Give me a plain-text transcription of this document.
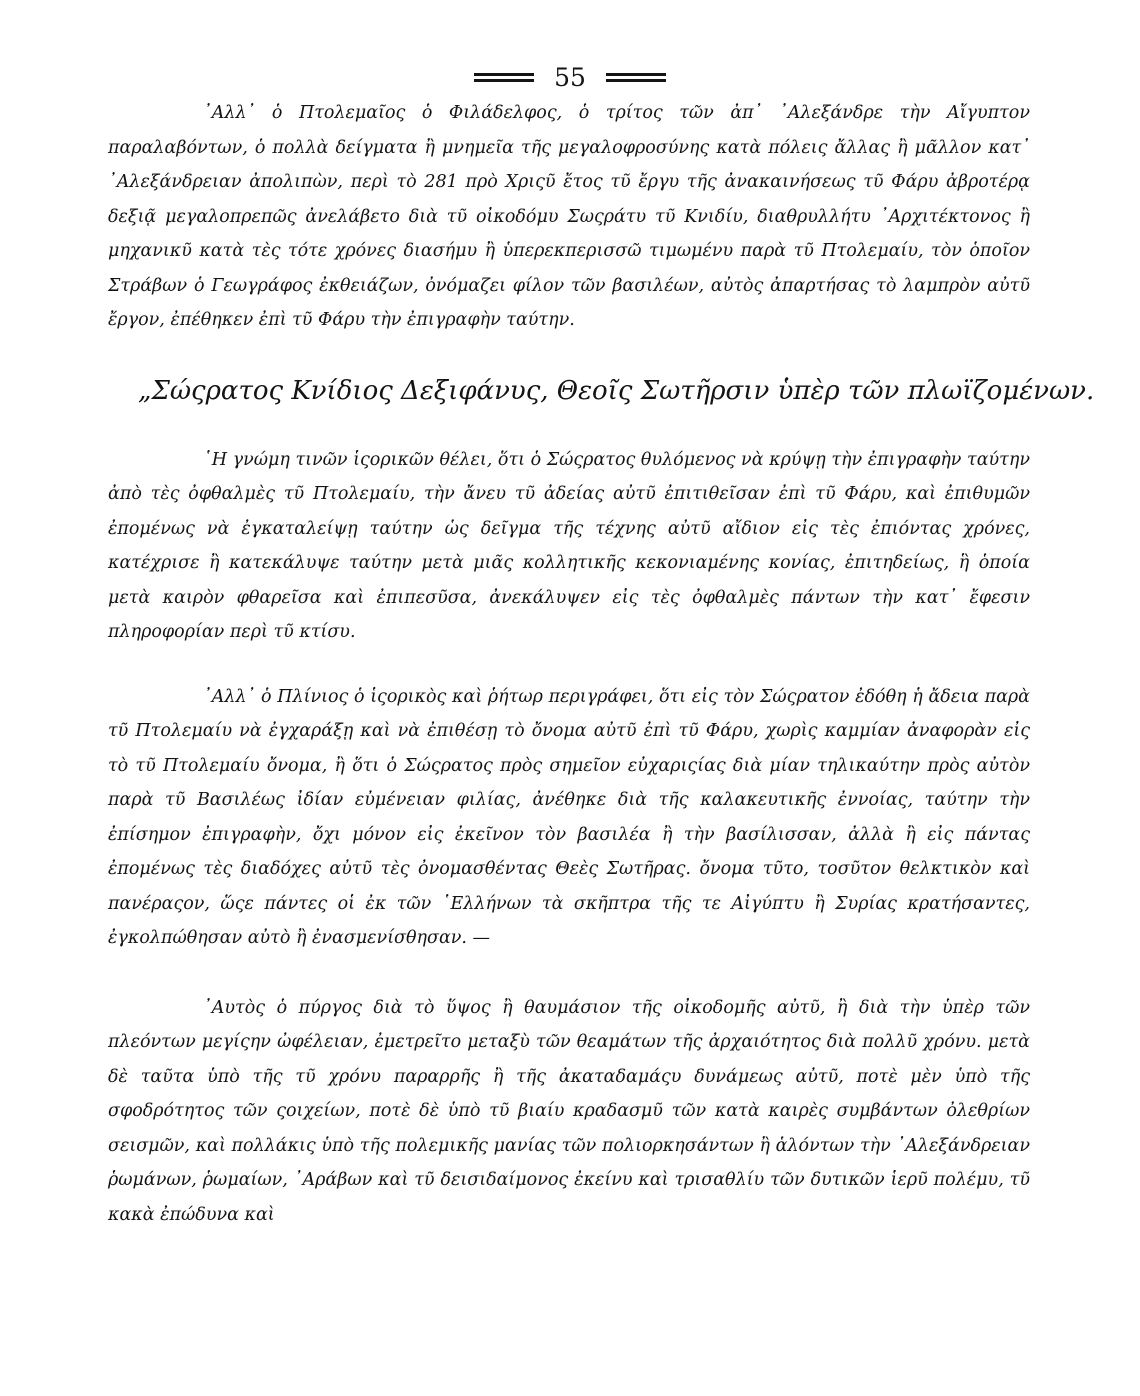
55

᾽Αλλ᾽ ὁ Πτολεμαῖος ὁ Φιλάδελφος, ὁ τρίτος τῶν ἀπ᾽ ᾽Αλεξάνδρε τὴν Αἴγυπτον παραλαβόντων, ὁ πολλὰ δείγματα ἢ μνημεῖα τῆς μεγαλοφροσύνης κατὰ πόλεις ἄλλας ἢ μᾶλλον κατ᾽ ᾽Αλεξάνδρειαν ἀπολιπὼν, περὶ τὸ 281 πρὸ Χριςῦ ἔτος τῦ ἔργυ τῆς ἀνακαινήσεως τῦ Φάρυ ἀβροτέρᾳ δεξιᾷ μεγαλοπρεπῶς ἀνελάβετο διὰ τῦ οἰκοδόμυ Σωςράτυ τῦ Κνιδίυ, διαθρυλλήτυ ᾽Αρχιτέκτονος ἢ μηχανικῦ κατὰ τὲς τότε χρόνες διασήμυ ἢ ὑπερεκπερισσῶ τιμωμένυ παρὰ τῦ Πτολεμαίυ, τὸν ὁποῖον Στράβων ὁ Γεωγράφος ἐκθειάζων, ὀνόμαζει φίλον τῶν βασιλέων, αὐτὸς ἀπαρτήσας τὸ λαμπρὸν αὐτῦ ἔργον, ἐπέθηκεν ἐπὶ τῦ Φάρυ τὴν ἐπιγραφὴν ταύτην.

„Σώςρατος Κνίδιος Δεξιφάνυς, Θεοῖς Σωτῆρσιν ὑπὲρ τῶν πλωϊζομένων.

῾Η γνώμη τινῶν ἱςορικῶν θέλει, ὅτι ὁ Σώςρατος θυλόμενος νὰ κρύψῃ τὴν ἐπιγραφὴν ταύτην ἀπὸ τὲς ὀφθαλμὲς τῦ Πτολεμαίυ, τὴν ἄνευ τῦ ἀδείας αὐτῦ ἐπιτιθεῖσαν ἐπὶ τῦ Φάρυ, καὶ ἐπιθυμῶν ἐπομένως νὰ ἐγκαταλείψῃ ταύτην ὡς δεῖγμα τῆς τέχνης αὐτῦ αἴδιον εἰς τὲς ἐπιόντας χρόνες, κατέχρισε ἢ κατεκάλυψε ταύτην μετὰ μιᾶς κολλητικῆς κεκονιαμένης κονίας, ἐπιτηδείως, ἣ ὁποία μετὰ καιρὸν φθαρεῖσα καὶ ἐπιπεσῦσα, ἀνεκάλυψεν εἰς τὲς ὀφθαλμὲς πάντων τὴν κατ᾽ ἔφεσιν πληροφορίαν περὶ τῦ κτίσυ.

᾽Αλλ᾽ ὁ Πλίνιος ὁ ἱςορικὸς καὶ ῥήτωρ περιγράφει, ὅτι εἰς τὸν Σώςρατον ἐδόθη ἡ ἄδεια παρὰ τῦ Πτολεμαίυ νὰ ἐγχαράξῃ καὶ νὰ ἐπιθέσῃ τὸ ὄνομα αὐτῦ ἐπὶ τῦ Φάρυ, χωρὶς καμμίαν ἀναφορὰν εἰς τὸ τῦ Πτολεμαίυ ὄνομα, ἢ ὅτι ὁ Σώςρατος πρὸς σημεῖον εὐχαριςίας διὰ μίαν τηλικαύτην πρὸς αὐτὸν παρὰ τῦ Βασιλέως ἰδίαν εὐμένειαν φιλίας, ἀνέθηκε διὰ τῆς καλακευτικῆς ἐννοίας, ταύτην τὴν ἐπίσημον ἐπιγραφὴν, ὄχι μόνον εἰς ἐκεῖνον τὸν βασιλέα ἢ τὴν βασίλισσαν, ἀλλὰ ἢ εἰς πάντας ἐπομένως τὲς διαδόχες αὐτῦ τὲς ὀνομασθέντας Θεὲς Σωτῆρας. ὄνομα τῦτο, τοσῦτον θελκτικὸν καὶ πανέραςον, ὥςε πάντες οἱ ἐκ τῶν ῾Ελλήνων τὰ σκῆπτρα τῆς τε Αἰγύπτυ ἢ Συρίας κρατήσαντες, ἐγκολπώθησαν αὐτὸ ἢ ἐνασμενίσθησαν. —

᾽Αυτὸς ὁ πύργος διὰ τὸ ὕψος ἢ θαυμάσιον τῆς οἰκοδομῆς αὐτῦ, ἢ διὰ τὴν ὑπὲρ τῶν πλεόντων μεγίςην ὠφέλειαν, ἐμετρεῖτο μεταξὺ τῶν θεαμάτων τῆς ἀρχαιότητος διὰ πολλῦ χρόνυ. μετὰ δὲ ταῦτα ὑπὸ τῆς τῦ χρόνυ παραρρῆς ἢ τῆς ἀκαταδαμάςυ δυνάμεως αὐτῦ, ποτὲ μὲν ὑπὸ τῆς σφοδρότητος τῶν ςοιχείων, ποτὲ δὲ ὑπὸ τῦ βιαίυ κραδασμῦ τῶν κατὰ καιρὲς συμβάντων ὀλεθρίων σεισμῶν, καὶ πολλάκις ὑπὸ τῆς πολεμικῆς μανίας τῶν πολιορκησάντων ἢ ἁλόντων τὴν ᾽Αλεξάνδρειαν ῥωμάνων, ῥωμαίων, ᾽Αράβων καὶ τῦ δεισιδαίμονος ἐκείνυ καὶ τρισαθλίυ τῶν δυτικῶν ἱερῦ πολέμυ, τῦ κακὰ ἐπώδυνα καὶ
